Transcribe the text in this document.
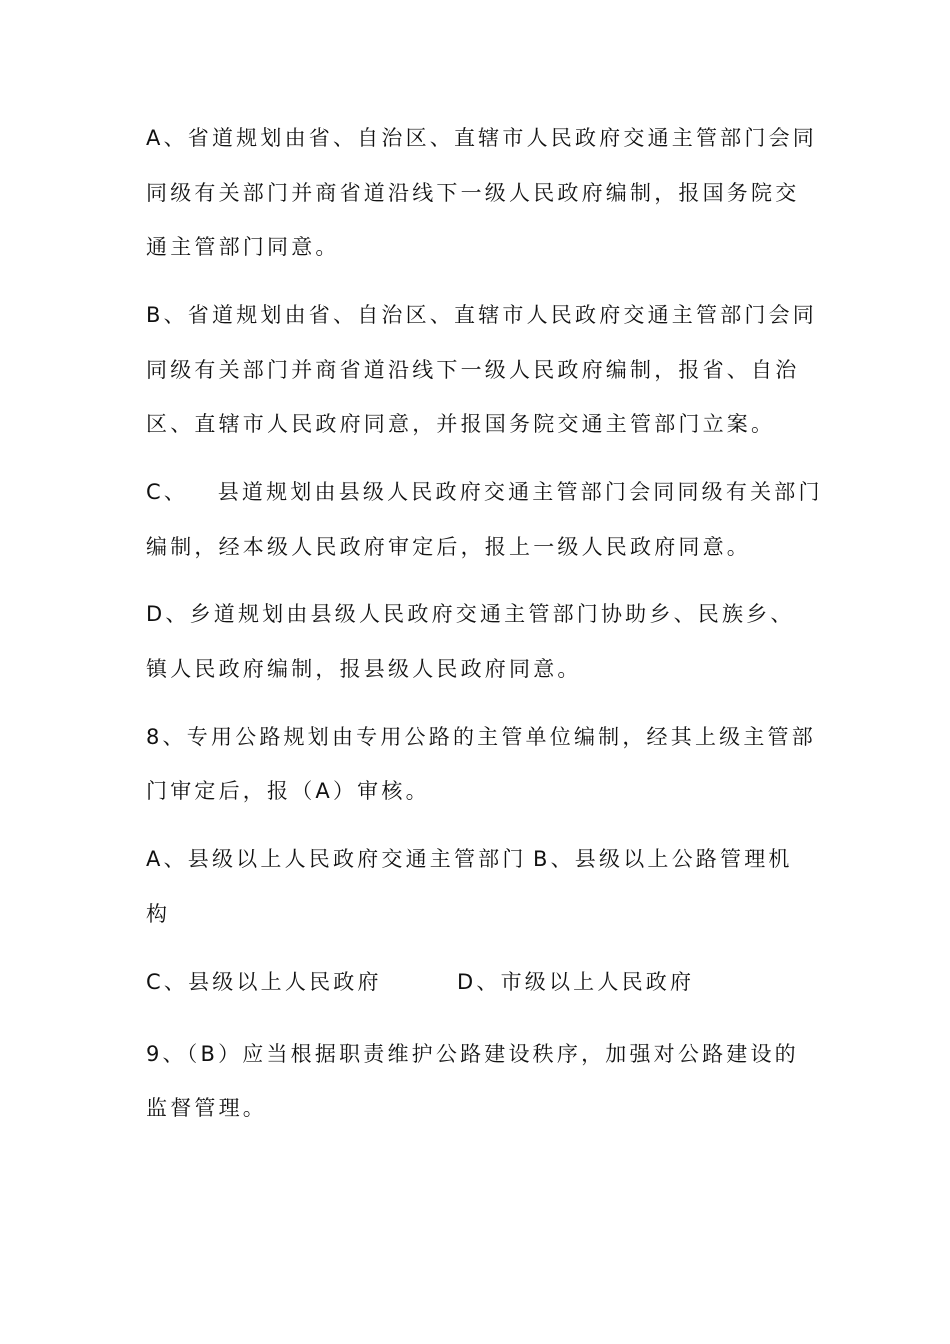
A、省道规划由省、自治区、直辖市人民政府交通主管部门会同
同级有关部门并商省道沿线下一级人民政府编制，报国务院交
通主管部门同意。
B、省道规划由省、自治区、直辖市人民政府交通主管部门会同
同级有关部门并商省道沿线下一级人民政府编制，报省、自治
区、直辖市人民政府同意，并报国务院交通主管部门立案。
C、   县道规划由县级人民政府交通主管部门会同同级有关部门
编制，经本级人民政府审定后，报上一级人民政府同意。
D、乡道规划由县级人民政府交通主管部门协助乡、民族乡、
镇人民政府编制，报县级人民政府同意。
8、专用公路规划由专用公路的主管单位编制，经其上级主管部
门审定后，报（A）审核。
A、县级以上人民政府交通主管部门 B、县级以上公路管理机
构
C、县级以上人民政府	D、市级以上人民政府
9、（B）应当根据职责维护公路建设秩序，加强对公路建设的
监督管理。
